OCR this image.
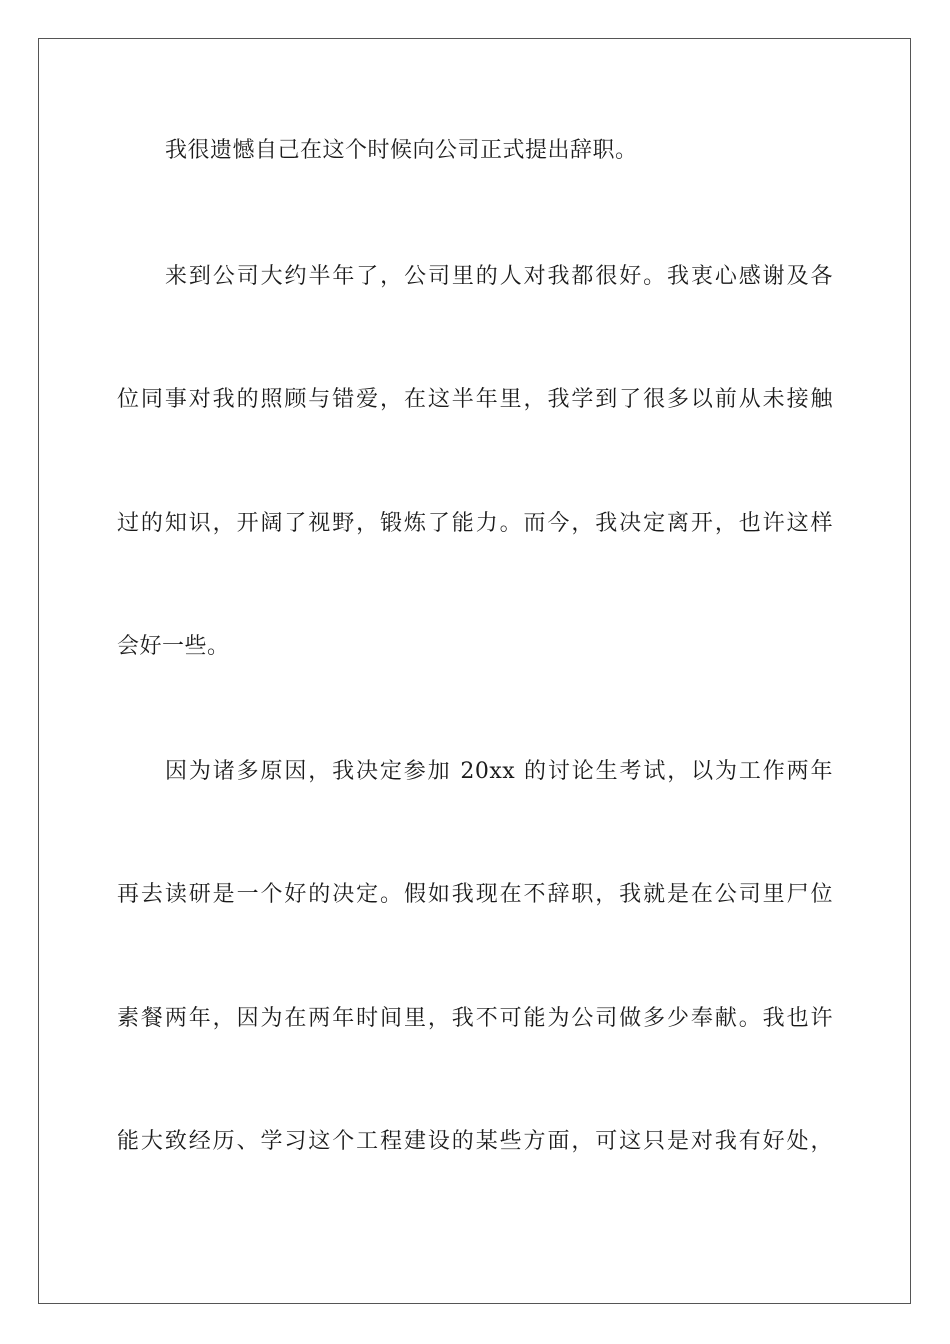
我很遗憾自己在这个时候向公司正式提出辞职。
来到公司大约半年了，公司里的人对我都很好。我衷心感谢及各
位同事对我的照顾与错爱，在这半年里，我学到了很多以前从未接触
过的知识，开阔了视野，锻炼了能力。而今，我决定离开，也许这样
会好一些。
因为诸多原因，我决定参加 20xx 的讨论生考试，以为工作两年
再去读研是一个好的决定。假如我现在不辞职，我就是在公司里尸位
素餐两年，因为在两年时间里，我不可能为公司做多少奉献。我也许
能大致经历、学习这个工程建设的某些方面，可这只是对我有好处，
